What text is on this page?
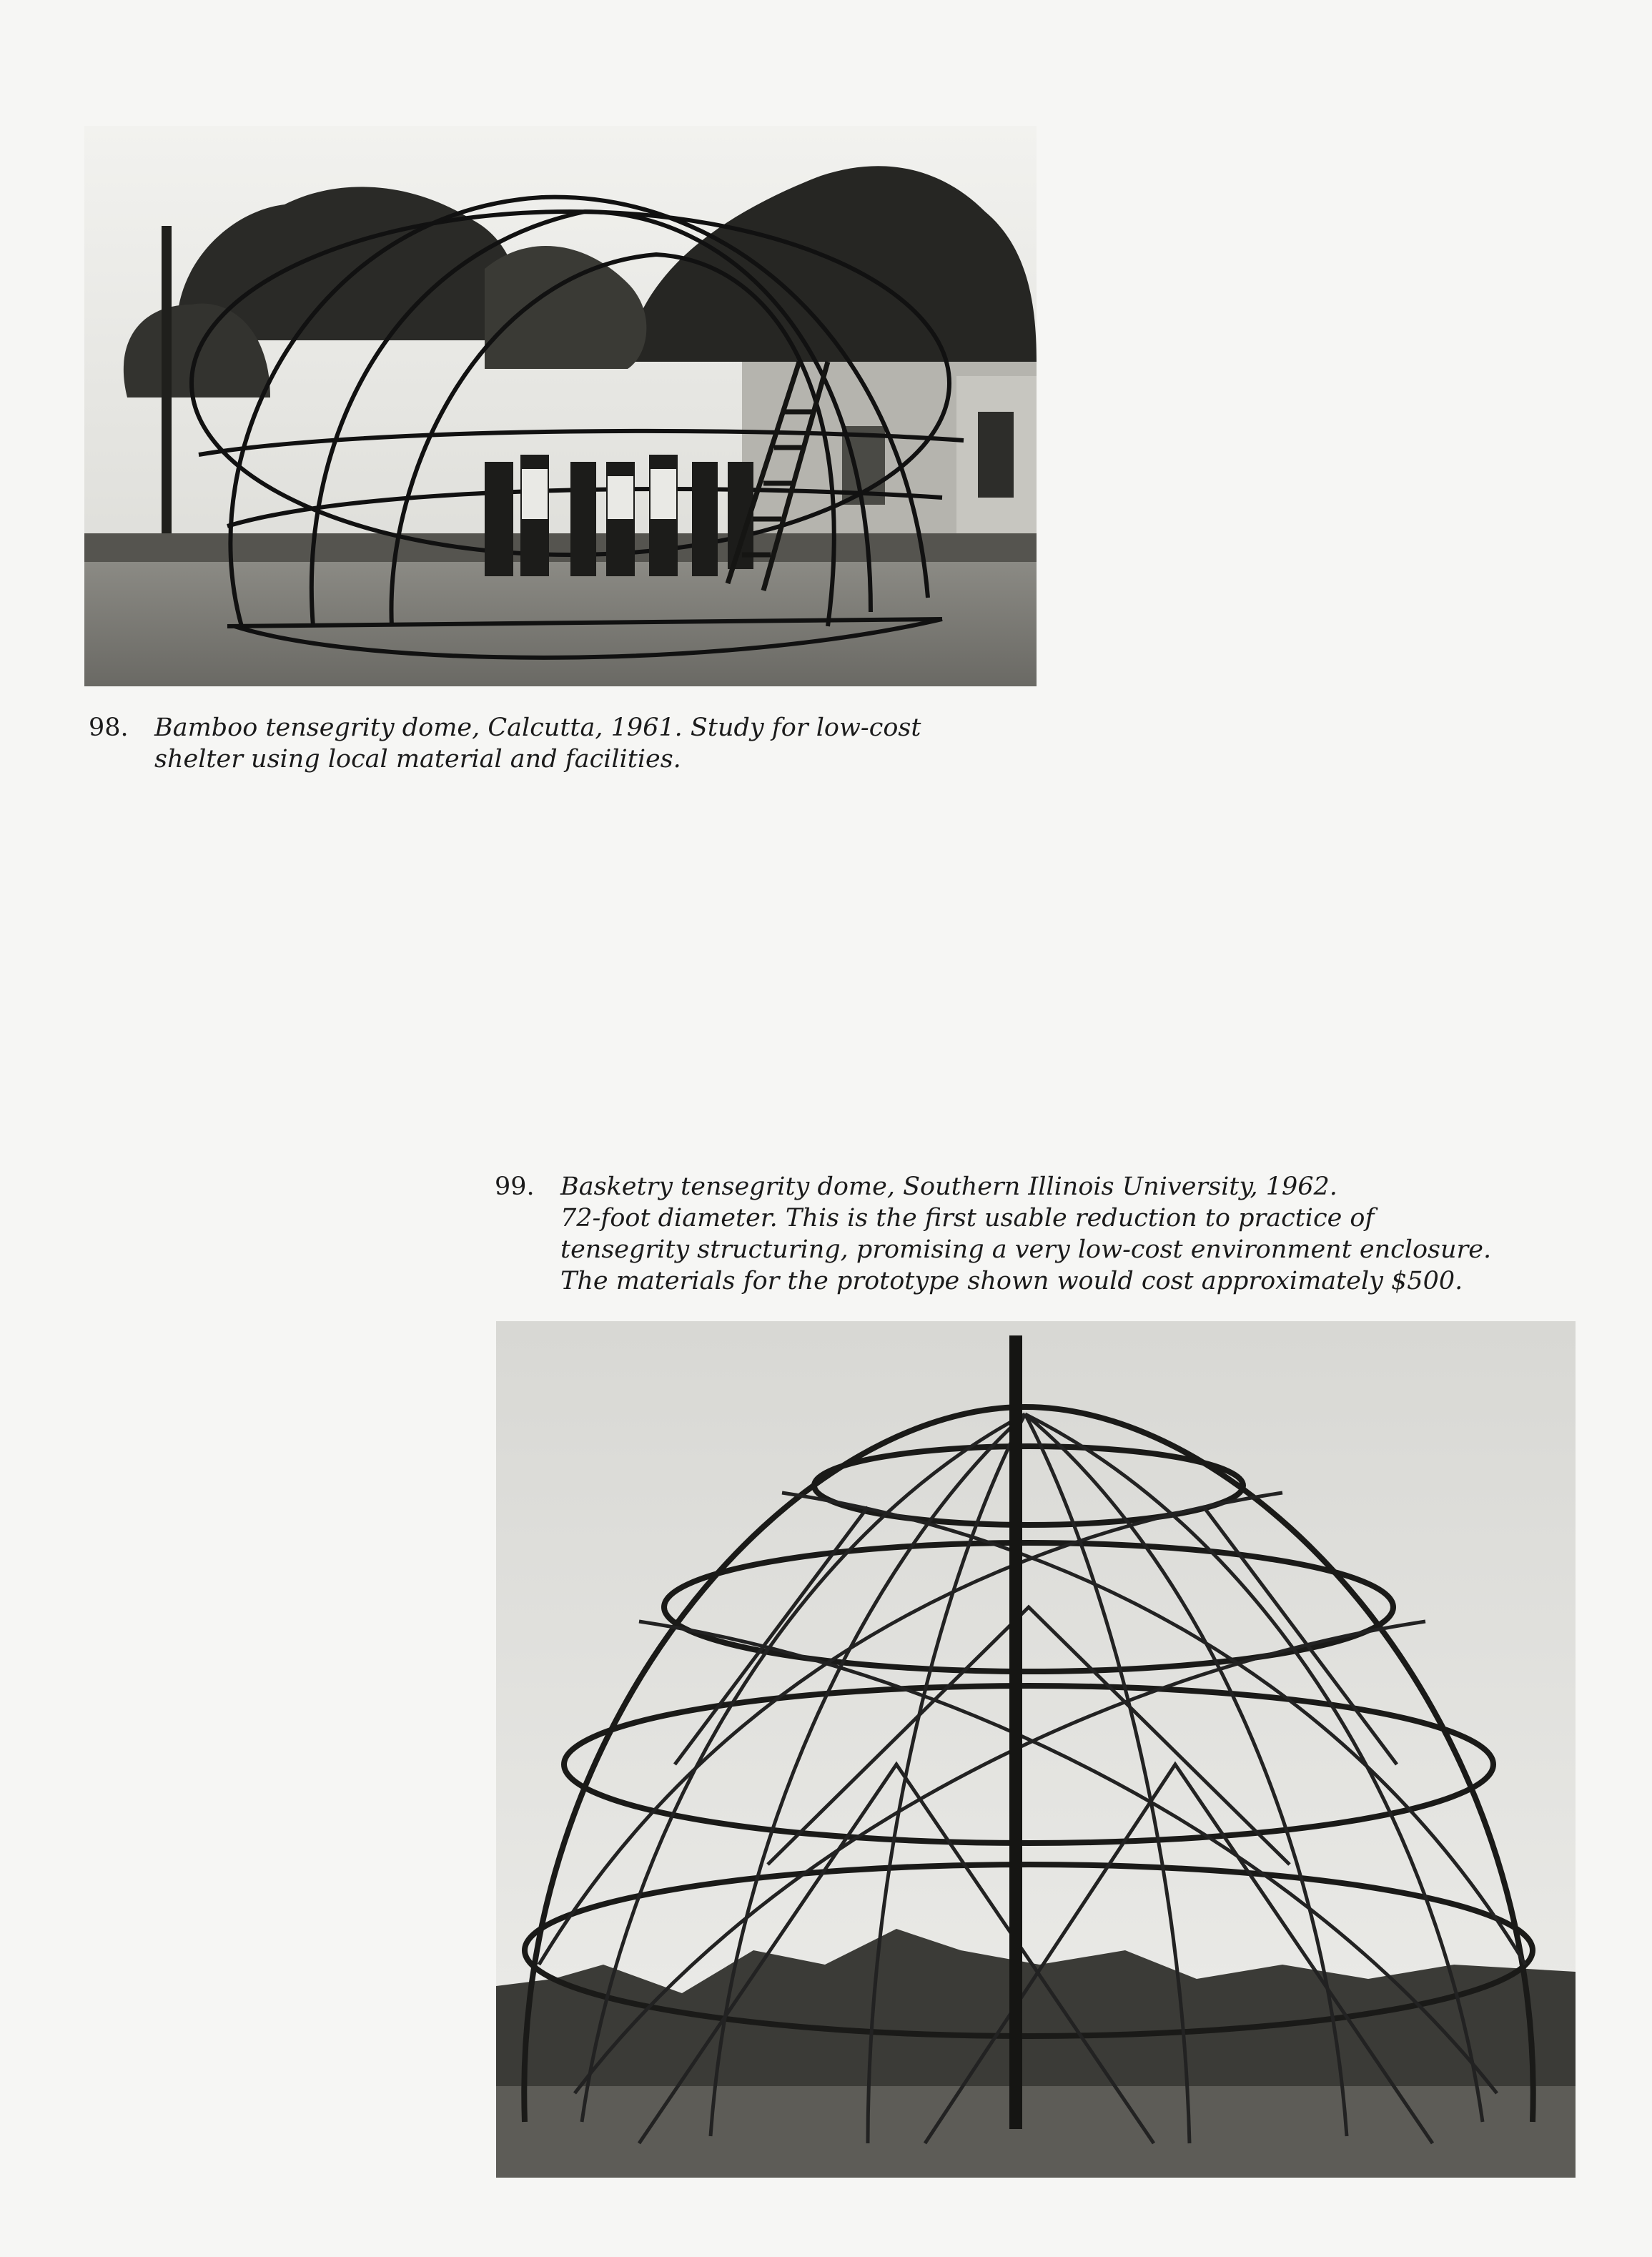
98. Bamboo tensegrity dome, Calcutta, 1961. Study for low-cost
shelter using local material and facilities.
99. Basketry tensegrity dome, Southern Illinois University, 1962.
72-foot diameter. This is the first usable reduction to practice of
tensegrity structuring, promising a very low-cost environment enclosure.
The materials for the prototype shown would cost approximately $500.
